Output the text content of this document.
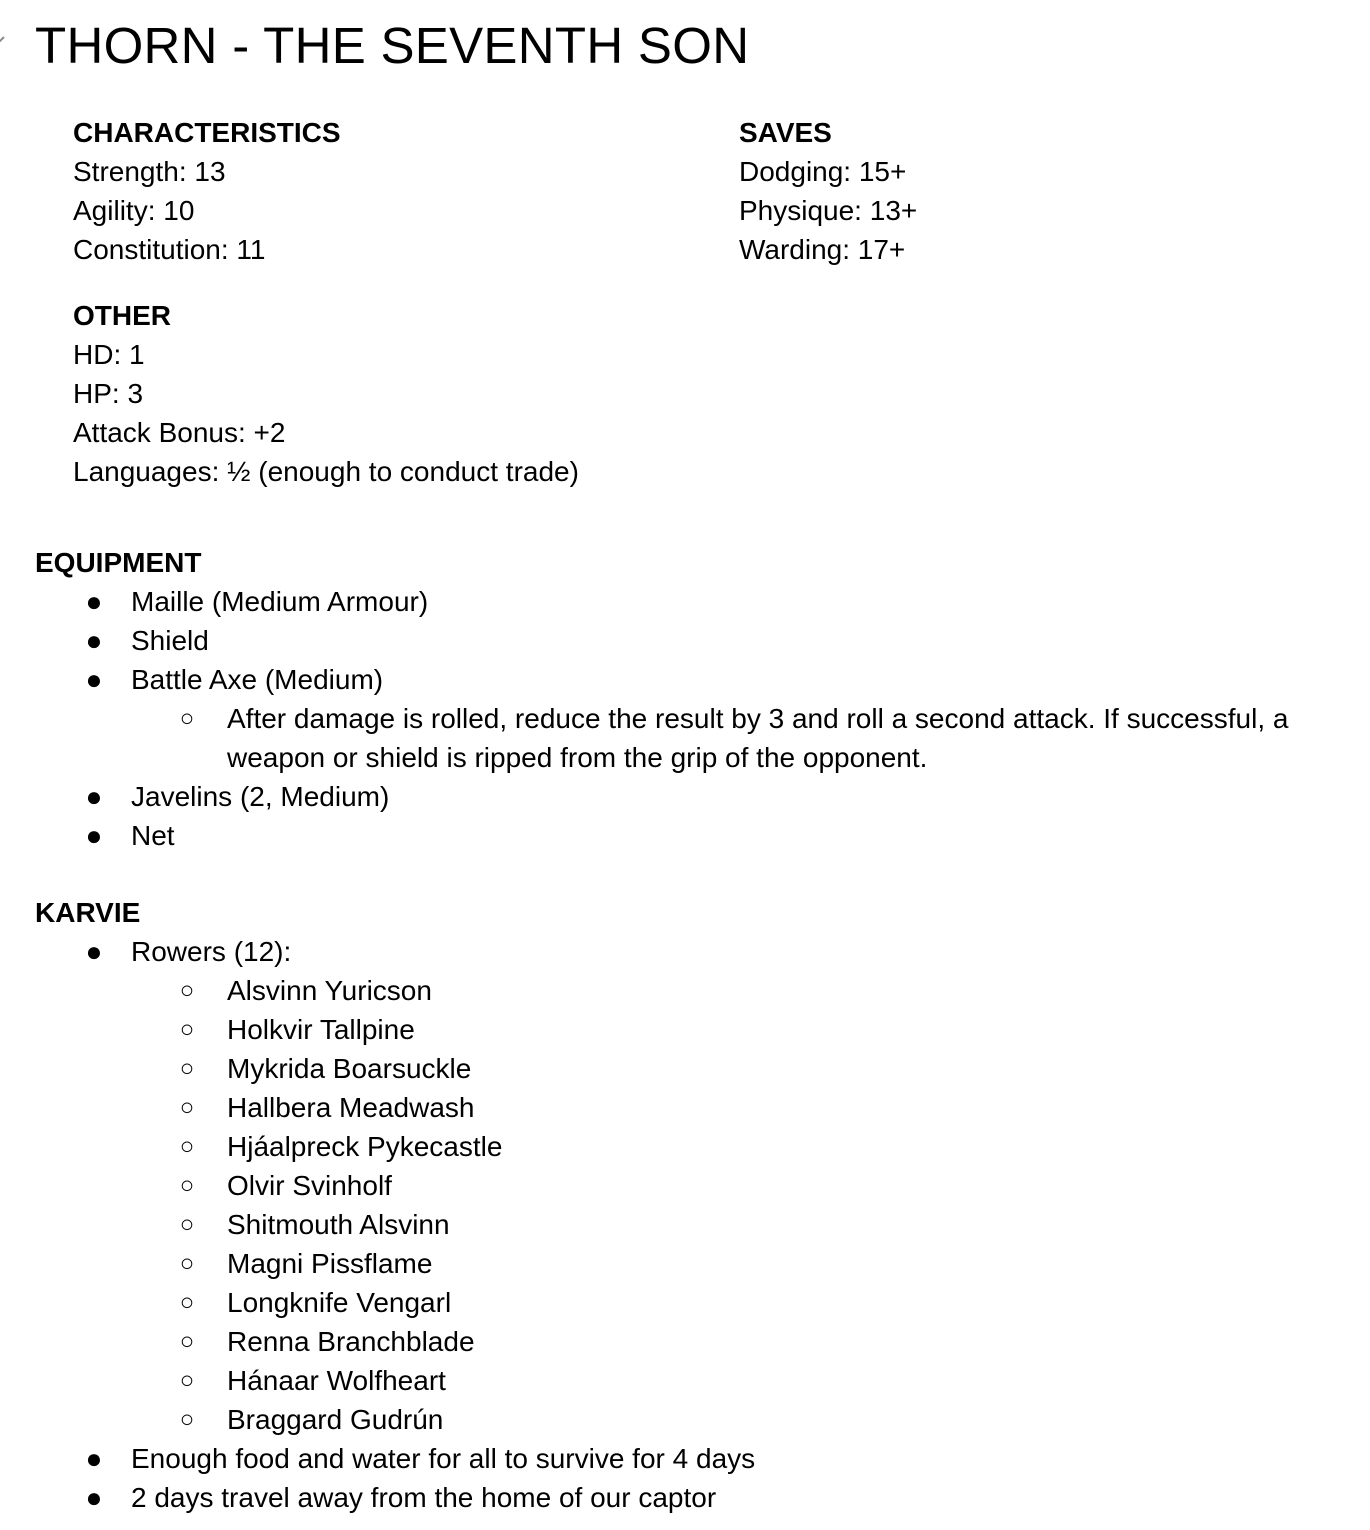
THORN - THE SEVENTH SON
CHARACTERISTICS
Strength: 13
Agility: 10
Constitution: 11
SAVES
Dodging: 15+
Physique: 13+
Warding: 17+
OTHER
HD: 1
HP: 3
Attack Bonus: +2
Languages: ½ (enough to conduct trade)
EQUIPMENT
● Maille (Medium Armour)
● Shield
● Battle Axe (Medium)
○ After damage is rolled, reduce the result by 3 and roll a second attack. If successful, a weapon or shield is ripped from the grip of the opponent.
● Javelins (2, Medium)
● Net
KARVIE
● Rowers (12):
○ Alsvinn Yuricson
○ Holkvir Tallpine
○ Mykrida Boarsuckle
○ Hallbera Meadwash
○ Hjáalpreck Pykecastle
○ Olvir Svinholf
○ Shitmouth Alsvinn
○ Magni Pissflame
○ Longknife Vengarl
○ Renna Branchblade
○ Hánaar Wolfheart
○ Braggard Gudrún
● Enough food and water for all to survive for 4 days
● 2 days travel away from the home of our captor
